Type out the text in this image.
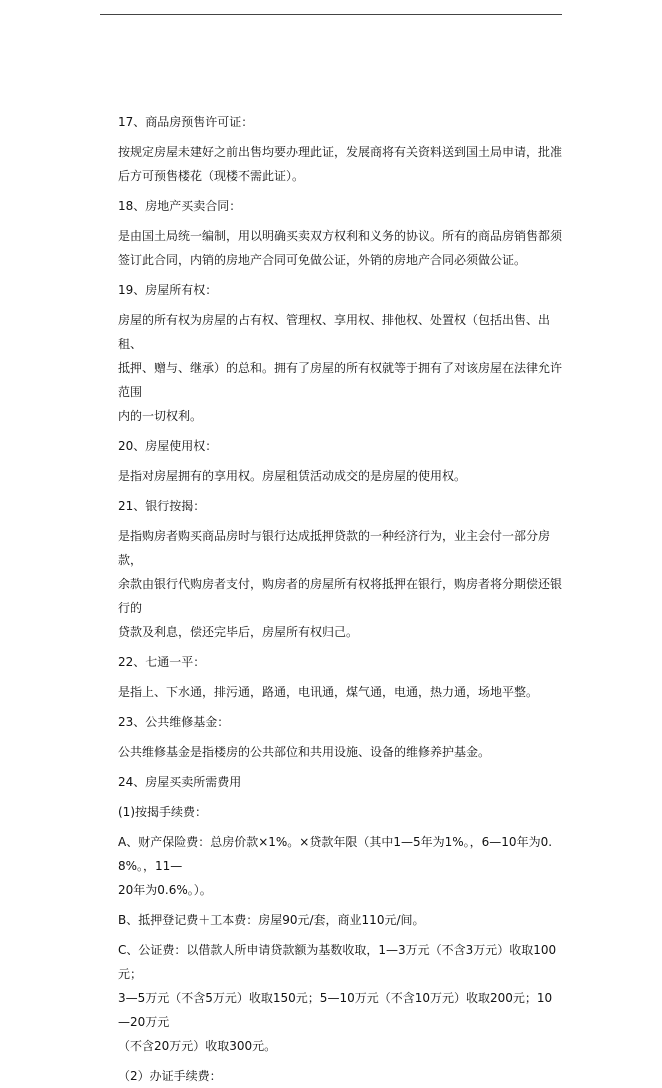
17、商品房预售许可证：

按规定房屋未建好之前出售均要办理此证，发展商将有关资料送到国土局申请，批准

后方可预售楼花（现楼不需此证）。

18、房地产买卖合同：

是由国土局统一编制，用以明确买卖双方权利和义务的协议。所有的商品房销售都须

签订此合同，内销的房地产合同可免做公证，外销的房地产合同必须做公证。

19、房屋所有权：

房屋的所有权为房屋的占有权、管理权、享用权、排他权、处置权（包括出售、出租、

抵押、赠与、继承）的总和。拥有了房屋的所有权就等于拥有了对该房屋在法律允许范围

内的一切权利。

20、房屋使用权：

是指对房屋拥有的享用权。房屋租赁活动成交的是房屋的使用权。

21、银行按揭：

是指购房者购买商品房时与银行达成抵押贷款的一种经济行为，业主会付一部分房款，

余款由银行代购房者支付，购房者的房屋所有权将抵押在银行，购房者将分期偿还银行的

贷款及利息，偿还完毕后，房屋所有权归己。

22、七通一平：

是指上、下水通，排污通，路通，电讯通，煤气通，电通，热力通，场地平整。

23、公共维修基金：

公共维修基金是指楼房的公共部位和共用设施、设备的维修养护基金。

24、房屋买卖所需费用

(1)按揭手续费：

A、财产保险费：总房价款×1%。×贷款年限（其中1—5年为1%。，6—10年为0.8%。，11—

20年为0.6%。）。

B、抵押登记费＋工本费：房屋90元/套，商业110元/间。

C、公证费：以借款人所申请贷款额为基数收取，1—3万元（不含3万元）收取100元；

3—5万元（不含5万元）收取150元；5—10万元（不含10万元）收取200元；10—20万元

（不含20万元）收取300元。

（2）办证手续费：
